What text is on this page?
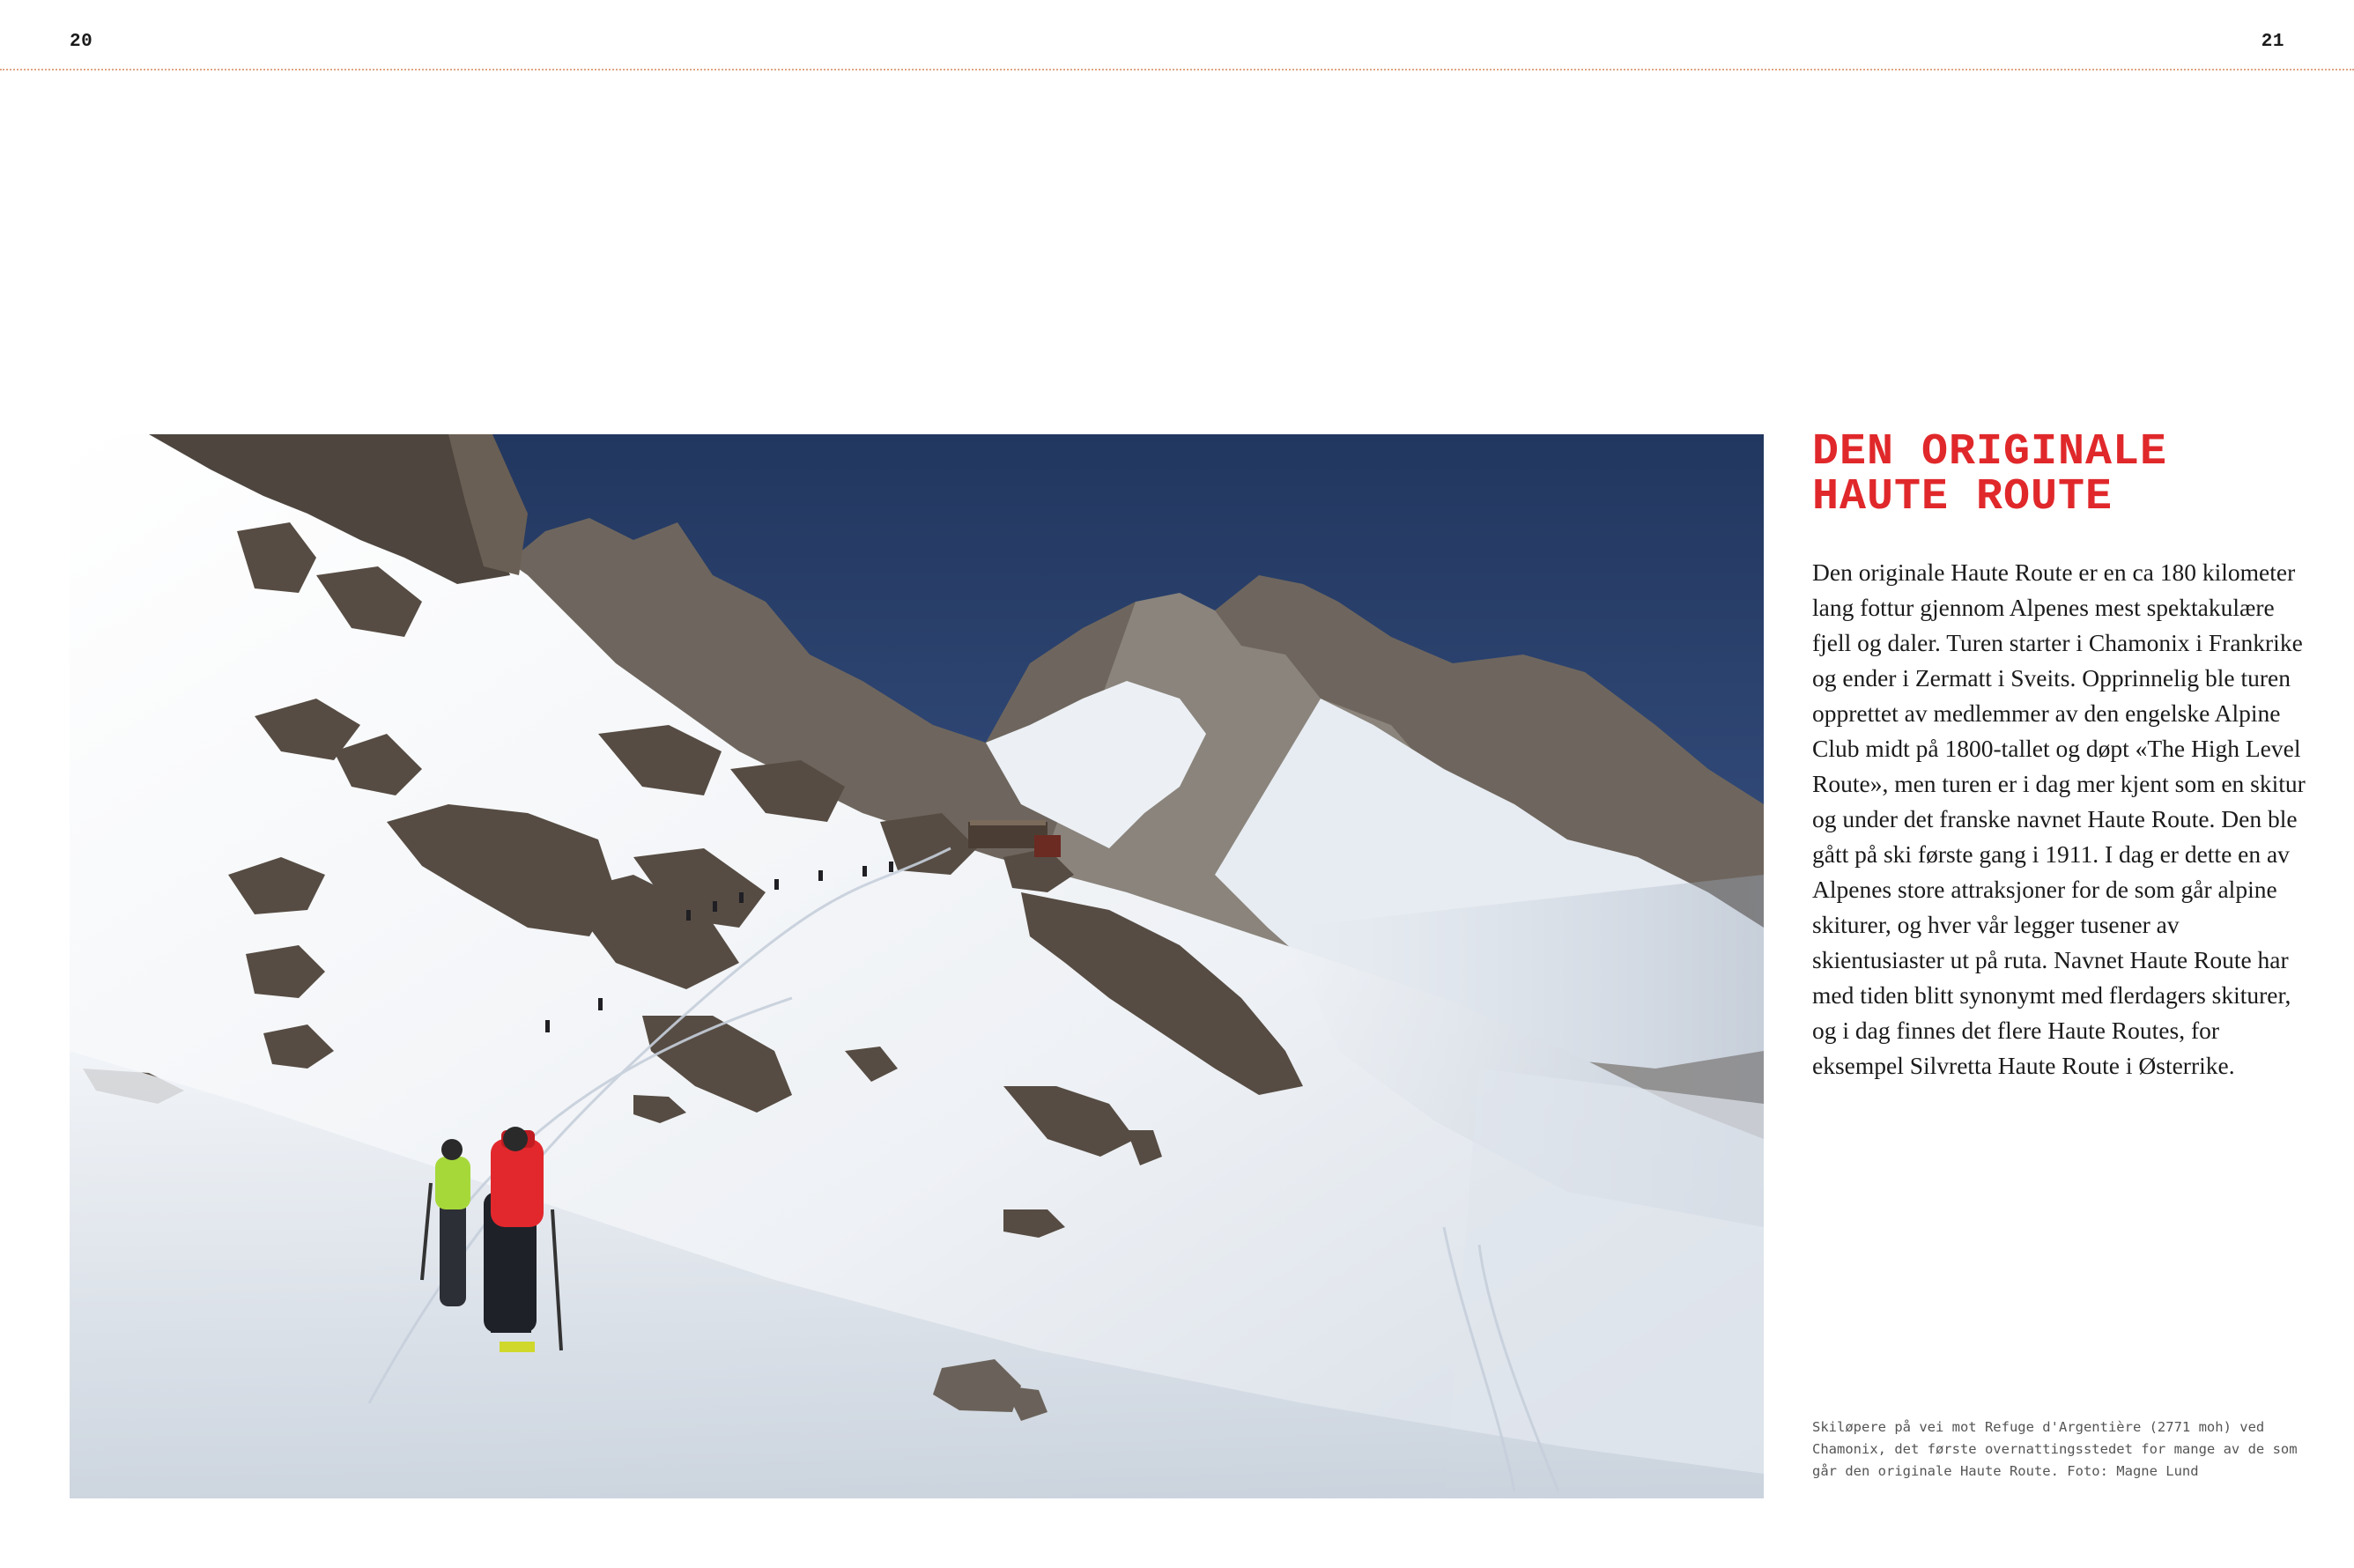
20	21
DEN ORIGINALE
HAUTE ROUTE

Den originale Haute Route er en ca 180 kilometer lang fottur gjennom Alpenes mest spektakulære fjell og daler. Turen starter i Chamonix i Frankrike og ender i Zermatt i Sveits. Opprinnelig ble turen opprettet av medlemmer av den engelske Alpine Club midt på 1800-tallet og døpt «The High Level Route», men turen er i dag mer kjent som en skitur og under det franske navnet Haute Route. Den ble gått på ski første gang i 1911. I dag er dette en av Alpenes store attraksjoner for de som går alpine skiturer, og hver vår legger tusener av skientusiaster ut på ruta. Navnet Haute Route har med tiden blitt synonymt med flerdagers skiturer, og i dag finnes det flere Haute Routes, for eksempel Silvretta Haute Route i Østerrike.

Skiløpere på vei mot Refuge d'Argentière (2771 moh) ved Chamonix, det første overnattingsstedet for mange av de som går den originale Haute Route. Foto: Magne Lund
